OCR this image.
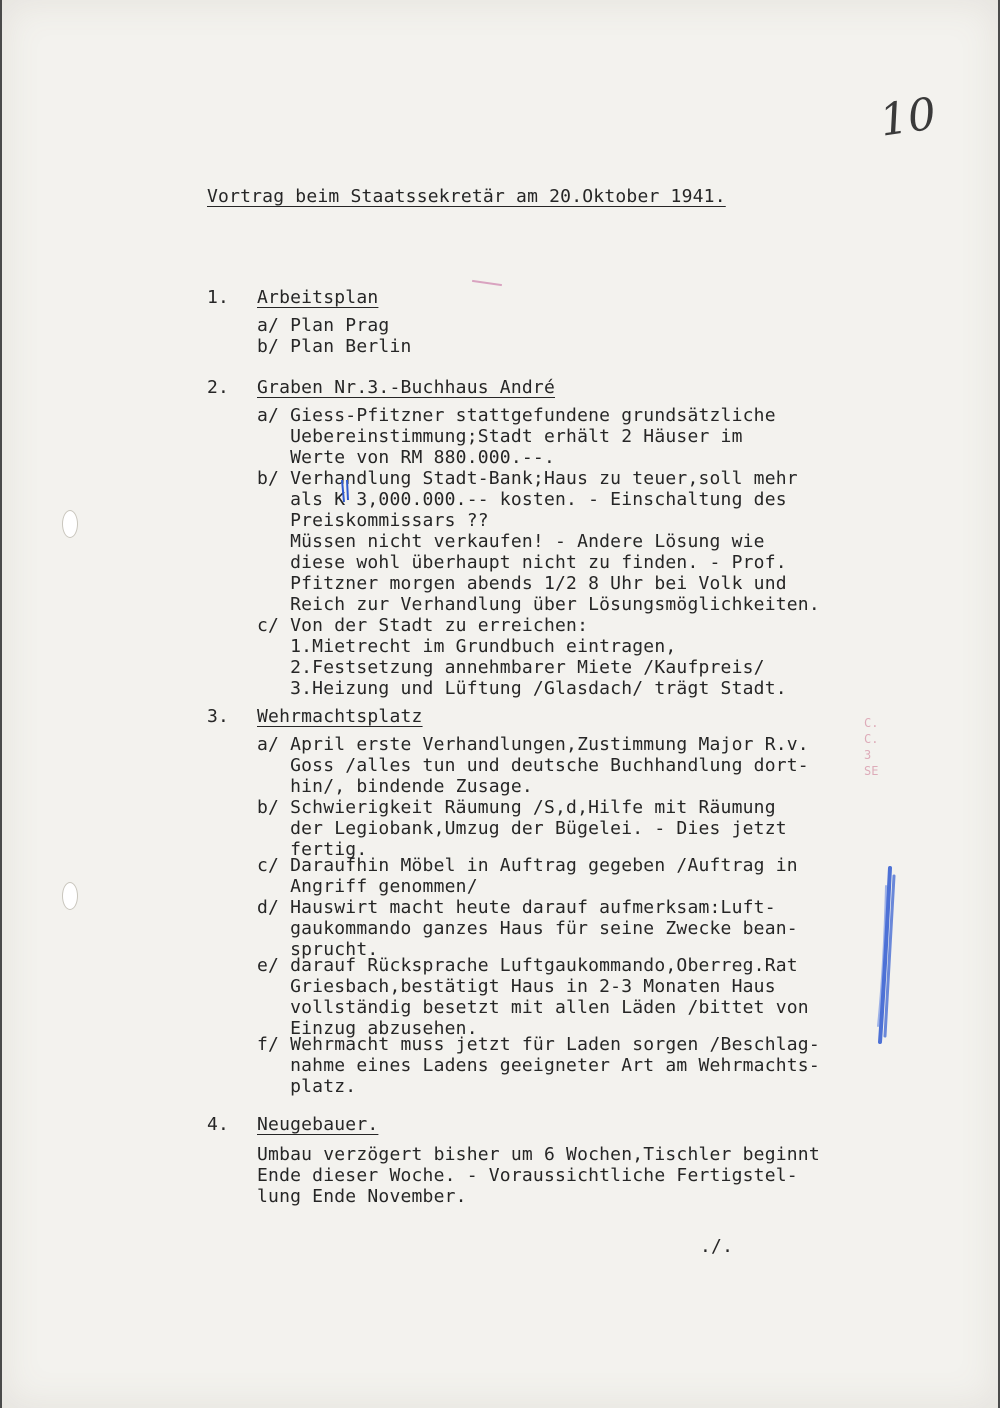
10
Vortrag beim Staatssekretär am 20.Oktober 1941.
1. Arbeitsplan
a/ Plan Prag
b/ Plan Berlin
2. Graben Nr.3.-Buchhaus André
a/ Giess-Pfitzner stattgefundene grundsätzliche
Uebereinstimmung;Stadt erhält 2 Häuser im
Werte von RM 880.000.--.
b/ Verhandlung Stadt-Bank;Haus zu teuer,soll mehr
als K 3,000.000.-- kosten. - Einschaltung des
Preiskommissars ??
Müssen nicht verkaufen! - Andere Lösung wie
diese wohl überhaupt nicht zu finden. - Prof.
Pfitzner morgen abends 1/2 8 Uhr bei Volk und
Reich zur Verhandlung über Lösungsmöglichkeiten.
c/ Von der Stadt zu erreichen:
1.Mietrecht im Grundbuch eintragen,
2.Festsetzung annehmbarer Miete /Kaufpreis/
3.Heizung und Lüftung /Glasdach/ trägt Stadt.
3. Wehrmachtsplatz
a/ April erste Verhandlungen,Zustimmung Major R.v.
Goss /alles tun und deutsche Buchhandlung dort-
hin/, bindende Zusage.
b/ Schwierigkeit Räumung /S,d,Hilfe mit Räumung
der Legiobank,Umzug der Bügelei. - Dies jetzt
fertig.
c/ Daraufhin Möbel in Auftrag gegeben /Auftrag in
Angriff genommen/
d/ Hauswirt macht heute darauf aufmerksam:Luft-
gaukommando ganzes Haus für seine Zwecke bean-
sprucht.
e/ darauf Rücksprache Luftgaukommando,Oberreg.Rat
Griesbach,bestätigt Haus in 2-3 Monaten Haus
vollständig besetzt mit allen Läden /bittet von
Einzug abzusehen.
f/ Wehrmacht muss jetzt für Laden sorgen /Beschlag-
nahme eines Ladens geeigneter Art am Wehrmachts-
platz.
4. Neugebauer.
Umbau verzögert bisher um 6 Wochen,Tischler beginnt
Ende dieser Woche. - Voraussichtliche Fertigstel-
lung Ende November.
./.
C.
C.
3
SE
